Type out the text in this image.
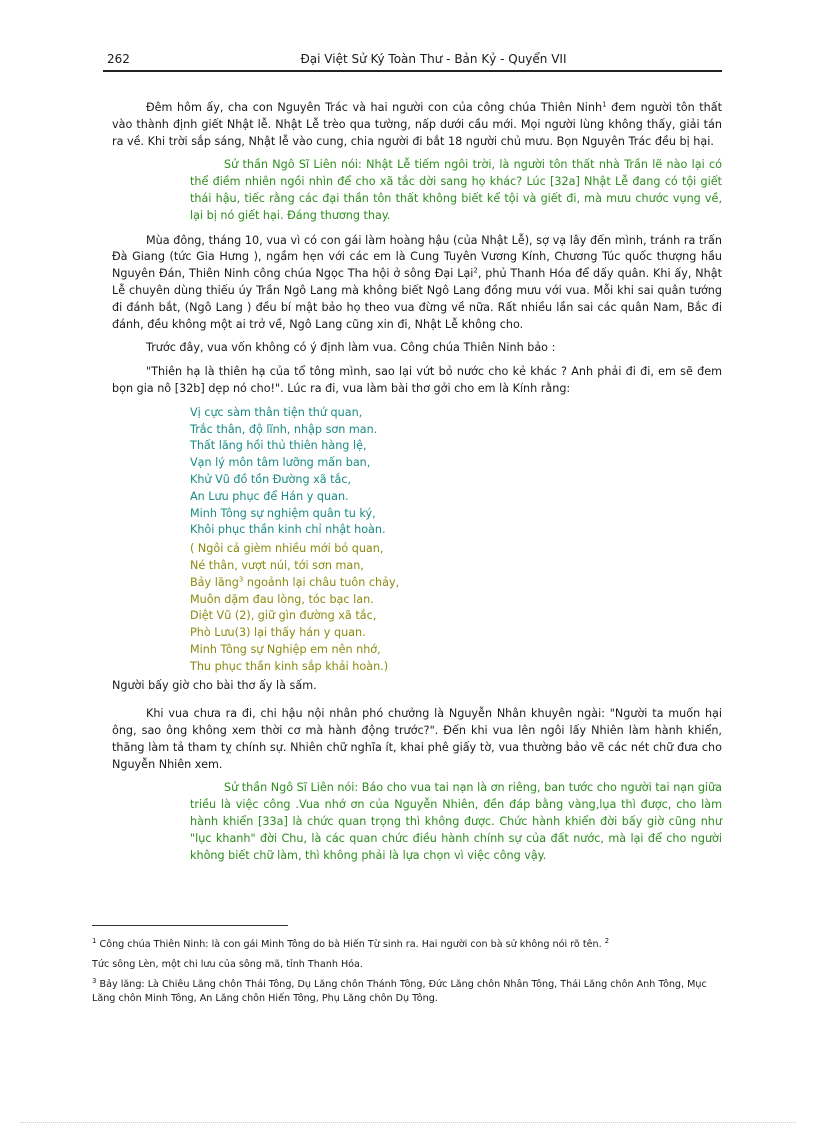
262	Đại Việt Sử Ký Toàn Thư - Bản Kỷ - Quyển VII

Đêm hôm ấy, cha con Nguyên Trác và hai người con của công chúa Thiên Ninh$^1$ đem người tôn thất vào thành định giết Nhật lễ. Nhật Lễ trèo qua tường, nấp dưới cầu mới. Mọi người lùng không thấy, giải tán ra về. Khi trời sắp sáng, Nhật lễ vào cung, chia người đi bắt 18 người chủ mưu. Bọn Nguyên Trác đều bị hại.

Sử thần Ngô Sĩ Liên nói: Nhật Lễ tiếm ngôi trời, là người tôn thất nhà Trần lẽ nào lại có thể điềm nhiên ngồi nhìn để cho xã tắc dời sang họ khác? Lúc [32a] Nhật Lễ đang có tội giết thái hậu, tiếc rằng các đại thần tôn thất không biết kể tội và giết đi, mà mưu chước vụng về, lại bị nó giết hại. Đáng thương thay.

Mùa đông, tháng 10, vua vì có con gái làm hoàng hậu (của Nhật Lễ), sợ vạ lây đến mình, tránh ra trấn Đà Giang (tức Gia Hưng ), ngầm hẹn với các em là Cung Tuyên Vương Kính, Chương Túc quốc thượng hầu Nguyên Đán, Thiên Ninh công chúa Ngọc Tha hội ở sông Đại Lại$^2$, phủ Thanh Hóa để dấy quân. Khi ấy, Nhật Lễ chuyên dùng thiếu úy Trần Ngô Lang mà không biết Ngô Lang đồng mưu với vua. Mỗi khi sai quân tướng đi đánh bắt, (Ngô Lang ) đều bí mật bảo họ theo vua đừng về nữa. Rất nhiều lần sai các quân Nam, Bắc đi đánh, đều không một ai trở về, Ngô Lang cũng xin đi, Nhật Lễ không cho.

Trước đây, vua vốn không có ý định làm vua. Công chúa Thiên Ninh bảo :

"Thiên hạ là thiên hạ của tổ tông mình, sao lại vứt bỏ nước cho kẻ khác ? Anh phải đi đi, em sẽ đem bọn gia nô [32b] dẹp nó cho!". Lúc ra đi, vua làm bài thơ gởi cho em là Kính rằng:

Vị cực sàm thân tiện thứ quan,
Trắc thân, độ lĩnh, nhập sơn man.
Thất lăng hồi thủ thiên hàng lệ,
Vạn lý môn tâm lưỡng mấn ban,
Khử Vũ đồ tồn Đường xã tắc,
An Lưu phục để Hán y quan.
Minh Tông sự nghiệm quân tu ký,
Khôi phục thần kinh chỉ nhật hoàn.
( Ngôi cả gièm nhiều mới bỏ quan,
Né thân, vượt núi, tới sơn man,
Bảy lăng$^3$ ngoảnh lại châu tuôn chảy,
Muôn dặm đau lòng, tóc bạc lan.
Diệt Vũ (2), giữ gìn đường xã tắc,
Phò Lưu(3) lại thấy hán y quan.
Minh Tông sự Nghiệp em nên nhớ,
Thu phục thần kinh sắp khải hoàn.)

Người bấy giờ cho bài thơ ấy là sấm.

Khi vua chưa ra đi, chi hậu nội nhân phó chưởng là Nguyễn Nhân khuyên ngài: "Người ta muốn hại ông, sao ông không xem thời cơ mà hành động trước?". Đến khi vua lên ngôi lấy Nhiên làm hành khiển, thăng làm tả tham tỵ chính sự. Nhiên chữ nghĩa ít, khai phê giấy tờ, vua thường bảo vẽ các nét chữ đưa cho Nguyễn Nhiên xem.

Sử thần Ngô Sĩ Liên nói: Báo cho vua tai nạn là ơn riêng, ban tước cho người tai nạn giữa triều là việc công .Vua nhớ ơn của Nguyễn Nhiên, đền đáp bằng vàng,lụa thì được, cho làm hành khiển [33a] là chức quan trọng thì không được. Chức hành khiển đời bấy giờ cũng như "lục khanh" đời Chu, là các quan chức điều hành chính sự của đất nước, mà lại để cho người không biết chữ làm, thì không phải là lựa chọn vì việc công vậy.

$^1$ Công chúa Thiên Ninh: là con gái Minh Tông do bà Hiến Từ sinh ra. Hai người con bà sử không nói rõ tên. $^2$

Tức sông Lèn, một chi lưu của sông mã, tỉnh Thanh Hóa.

$^3$ Bảy lăng: Là Chiêu Lăng chôn Thái Tông, Dụ Lăng chôn Thánh Tông, Đức Lăng chôn Nhân Tông, Thái Lăng chôn Anh Tông, Mục Lăng chôn Minh Tông, An Lăng chôn Hiến Tông, Phụ Lăng chôn Dụ Tông.
